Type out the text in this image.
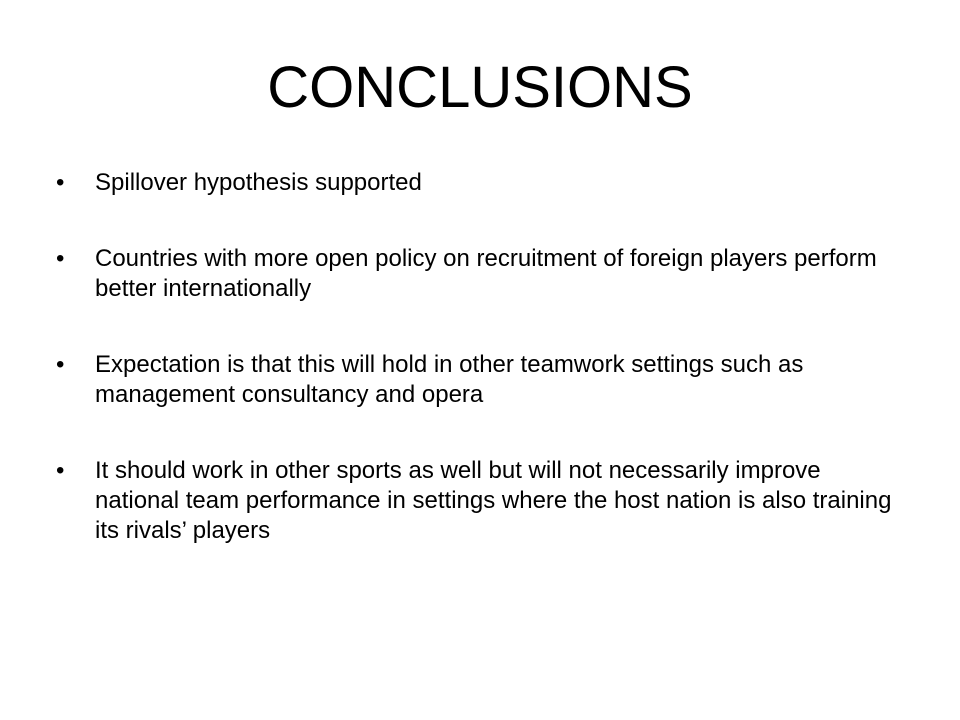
CONCLUSIONS
•	Spillover hypothesis supported
•	Countries with more open policy on recruitment of foreign players perform better internationally
•	Expectation is that this will hold in other teamwork settings such as management consultancy and opera
•	It should work in other sports as well but will not necessarily improve national team performance in settings where the host nation is also training its rivals’ players
